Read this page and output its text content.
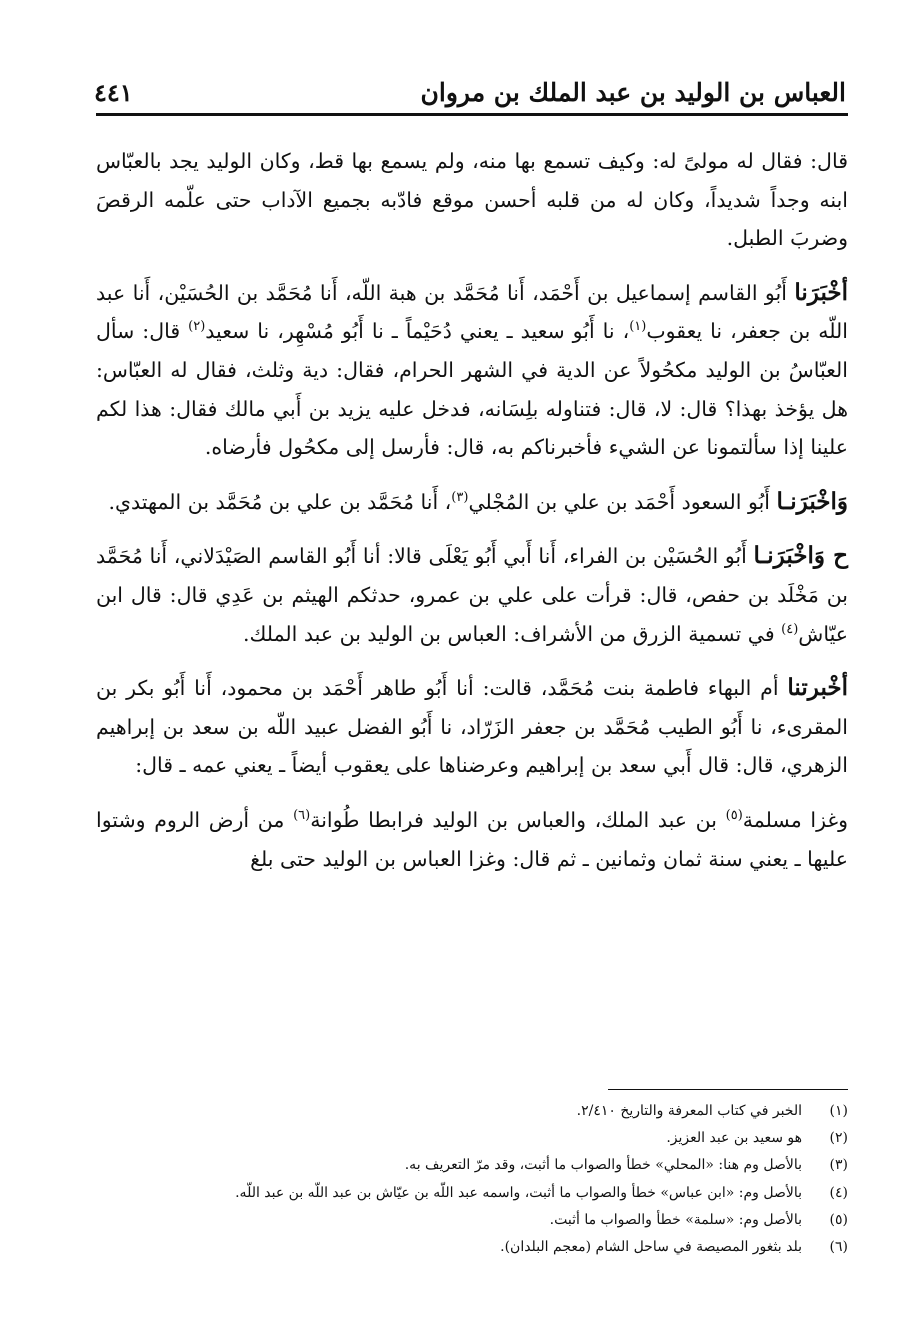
العباس بن الوليد بن عبد الملك بن مروان
٤٤١

قال: فقال له مولىً له: وكيف تسمع بها منه، ولم يسمع بها قط، وكان الوليد يجد بالعبّاس ابنه وجداً شديداً، وكان له من قلبه أحسن موقع فادّبه بجميع الآداب حتى علّمه الرقصَ وضربَ الطبل.

أخْبَرَنا أَبُو القاسم إسماعيل بن أَحْمَد، أَنا مُحَمَّد بن هبة اللّه، أَنا مُحَمَّد بن الحُسَيْن، أَنا عبد اللّه بن جعفر، نا يعقوب$^{(١)}$، نا أَبُو سعيد ـ يعني دُحَيْماً ـ نا أَبُو مُسْهِر، نا سعيد$^{(٢)}$ قال: سأل العبّاسُ بن الوليد مكحُولاً عن الدية في الشهر الحرام، فقال: دية وثلث، فقال له العبّاس: هل يؤخذ بهذا؟ قال: لا، قال: فتناوله بلِسَانه، فدخل عليه يزيد بن أَبي مالك فقال: هذا لكم علينا إذا سألتمونا عن الشيء فأخبرناكم به، قال: فأرسل إلى مكحُول فأرضاه.

وَاخْبَرَنـا أَبُو السعود أَحْمَد بن علي بن المُجْلي$^{(٣)}$، أَنا مُحَمَّد بن علي بن مُحَمَّد بن المهتدي.

ح وَاخْبَرَنـا أَبُو الحُسَيْن بن الفراء، أَنا أَبي أَبُو يَعْلَى قالا: أنا أَبُو القاسم الصَيْدَلاني، أَنا مُحَمَّد بن مَخْلَد بن حفص، قال: قرأت على علي بن عمرو، حدثكم الهيثم بن عَدِي قال: قال ابن عيّاش$^{(٤)}$ في تسمية الزرق من الأشراف: العباس بن الوليد بن عبد الملك.

أخْبرتنا أم البهاء فاطمة بنت مُحَمَّد، قالت: أنا أَبُو طاهر أَحْمَد بن محمود، أَنا أَبُو بكر بن المقرىء، نا أَبُو الطيب مُحَمَّد بن جعفر الزَرّاد، نا أَبُو الفضل عبيد اللّه بن سعد بن إبراهيم الزهري، قال: قال أَبي سعد بن إبراهيم وعرضناها على يعقوب أيضاً ـ يعني عمه ـ قال:

وغزا مسلمة$^{(٥)}$ بن عبد الملك، والعباس بن الوليد فرابطا طُوانة$^{(٦)}$ من أرض الروم وشتوا عليها ـ يعني سنة ثمان وثمانين ـ ثم قال: وغزا العباس بن الوليد حتى بلغ

(١)
الخبر في كتاب المعرفة والتاريخ ٢/٤١٠.
(٢)
هو سعيد بن عبد العزيز.
(٣)
بالأصل وم هنا: «المحلي» خطأ والصواب ما أثبت، وقد مرّ التعريف به.
(٤)
بالأصل وم: «ابن عباس» خطأ والصواب ما أثبت، واسمه عبد اللّه بن عيّاش بن عبد اللّه بن عبد اللّه.
(٥)
بالأصل وم: «سلمة» خطأ والصواب ما أثبت.
(٦)
بلد بثغور المصيصة في ساحل الشام (معجم البلدان).
